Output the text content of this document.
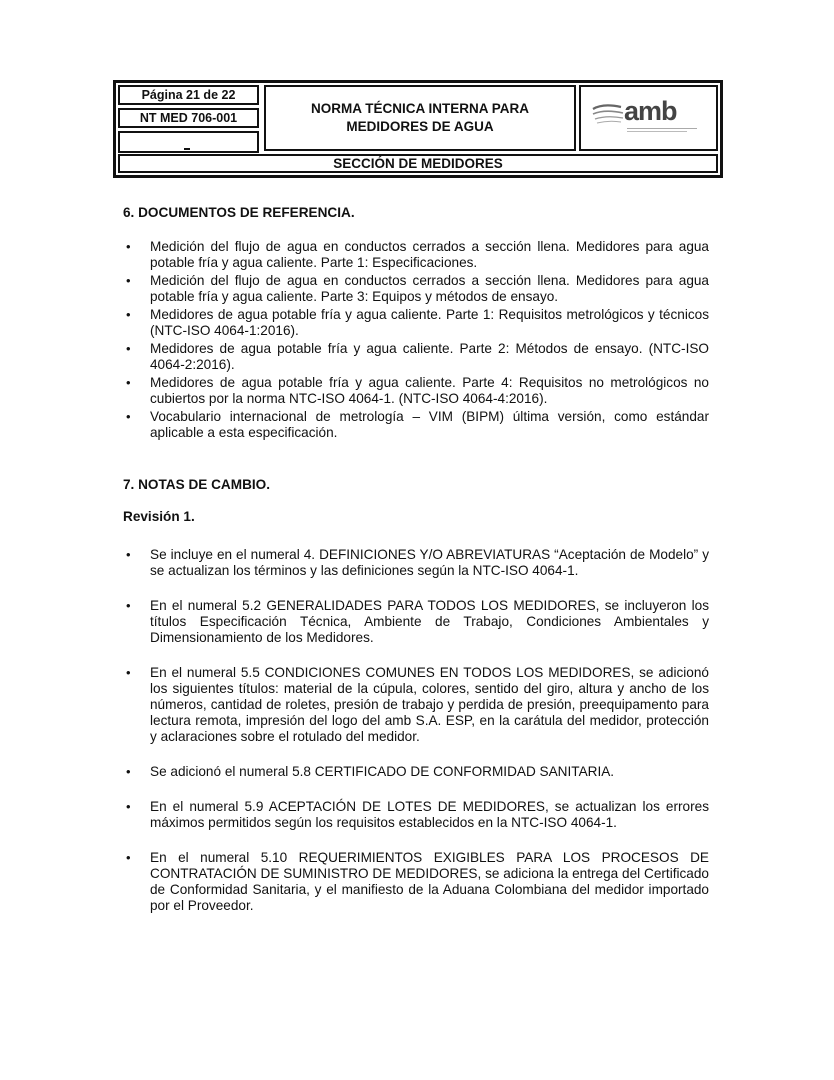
Página 21 de 22
NT MED 706-001
NORMA TÉCNICA INTERNA PARA
MEDIDORES DE AGUA
amb
SECCIÓN DE MEDIDORES
6. DOCUMENTOS DE REFERENCIA.
• Medición del flujo de agua en conductos cerrados a sección llena. Medidores para agua potable fría y agua caliente. Parte 1: Especificaciones.
• Medición del flujo de agua en conductos cerrados a sección llena. Medidores para agua potable fría y agua caliente. Parte 3: Equipos y métodos de ensayo.
• Medidores de agua potable fría y agua caliente. Parte 1: Requisitos metrológicos y técnicos (NTC-ISO 4064-1:2016).
• Medidores de agua potable fría y agua caliente. Parte 2: Métodos de ensayo. (NTC-ISO 4064-2:2016).
• Medidores de agua potable fría y agua caliente. Parte 4: Requisitos no metrológicos no cubiertos por la norma NTC-ISO 4064-1. (NTC-ISO 4064-4:2016).
• Vocabulario internacional de metrología – VIM (BIPM) última versión, como estándar aplicable a esta especificación.
7. NOTAS DE CAMBIO.
Revisión 1.
• Se incluye en el numeral 4. DEFINICIONES Y/O ABREVIATURAS “Aceptación de Modelo” y se actualizan los términos y las definiciones según la NTC-ISO 4064-1.
• En el numeral 5.2 GENERALIDADES PARA TODOS LOS MEDIDORES, se incluyeron los títulos Especificación Técnica, Ambiente de Trabajo, Condiciones Ambientales y Dimensionamiento de los Medidores.
• En el numeral 5.5 CONDICIONES COMUNES EN TODOS LOS MEDIDORES, se adicionó los siguientes títulos: material de la cúpula, colores, sentido del giro, altura y ancho de los números, cantidad de roletes, presión de trabajo y perdida de presión, preequipamento para lectura remota, impresión del logo del amb S.A. ESP, en la carátula del medidor, protección y aclaraciones sobre el rotulado del medidor.
• Se adicionó el numeral 5.8 CERTIFICADO DE CONFORMIDAD SANITARIA.
• En el numeral 5.9 ACEPTACIÓN DE LOTES DE MEDIDORES, se actualizan los errores máximos permitidos según los requisitos establecidos en la NTC-ISO 4064-1.
• En el numeral 5.10 REQUERIMIENTOS EXIGIBLES PARA LOS PROCESOS DE CONTRATACIÓN DE SUMINISTRO DE MEDIDORES, se adiciona la entrega del Certificado de Conformidad Sanitaria, y el manifiesto de la Aduana Colombiana del medidor importado por el Proveedor.
